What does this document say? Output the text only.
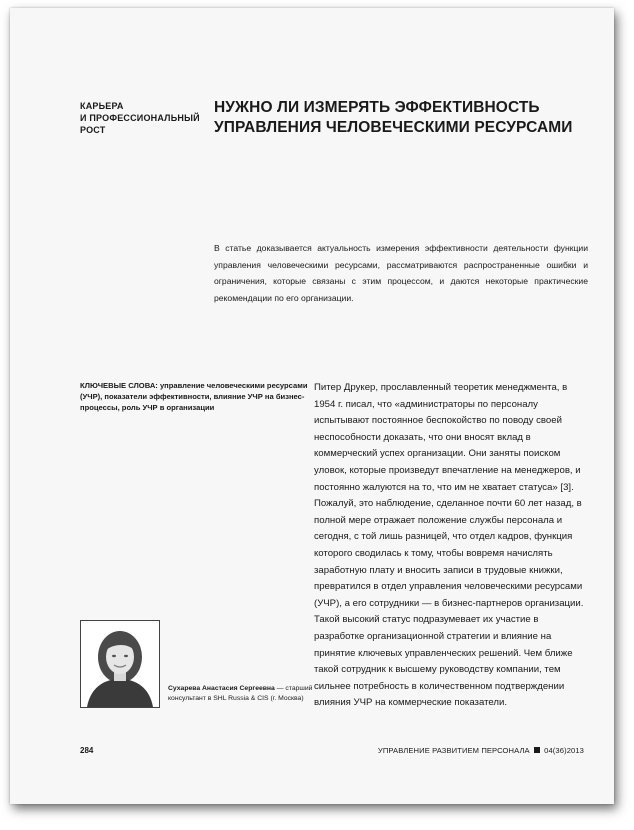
КАРЬЕРА
И ПРОФЕССИОНАЛЬНЫЙ
РОСТ
НУЖНО ЛИ ИЗМЕРЯТЬ ЭФФЕКТИВНОСТЬ
УПРАВЛЕНИЯ ЧЕЛОВЕЧЕСКИМИ РЕСУРСАМИ
В статье доказывается актуальность измерения эффективности деятельности функции управления человеческими ресурсами, рассматриваются распространенные ошибки и ограничения, которые связаны с этим процессом, и даются некоторые практические рекомендации по его организации.
КЛЮЧЕВЫЕ СЛОВА: управление человеческими ресурсами (УЧР), показатели эффективности, влияние УЧР на бизнес-процессы, роль УЧР в организации
Питер Друкер, прославленный теоретик менеджмента, в 1954 г. писал, что «администраторы по персоналу испытывают постоянное беспокойство по поводу своей неспособности доказать, что они вносят вклад в коммерческий успех организации. Они заняты поиском уловок, которые произведут впечатление на менеджеров, и постоянно жалуются на то, что им не хватает статуса» [3]. Пожалуй, это наблюдение, сделанное почти 60 лет назад, в полной мере отражает положение службы персонала и сегодня, с той лишь разницей, что отдел кадров, функция которого сводилась к тому, чтобы вовремя начислять заработную плату и вносить записи в трудовые книжки, превратился в отдел управления человеческими ресурсами (УЧР), а его сотрудники — в бизнес-партнеров организации. Такой высокий статус подразумевает их участие в разработке организационной стратегии и влияние на принятие ключевых управленческих решений. Чем ближе такой сотрудник к высшему руководству компании, тем сильнее потребность в количественном подтверждении влияния УЧР на коммерческие показатели.
Сухарева Анастасия Сергеевна — старший консультант в SHL Russia & CIS (г. Москва)
284	УПРАВЛЕНИЕ РАЗВИТИЕМ ПЕРСОНАЛА 04(36)2013
